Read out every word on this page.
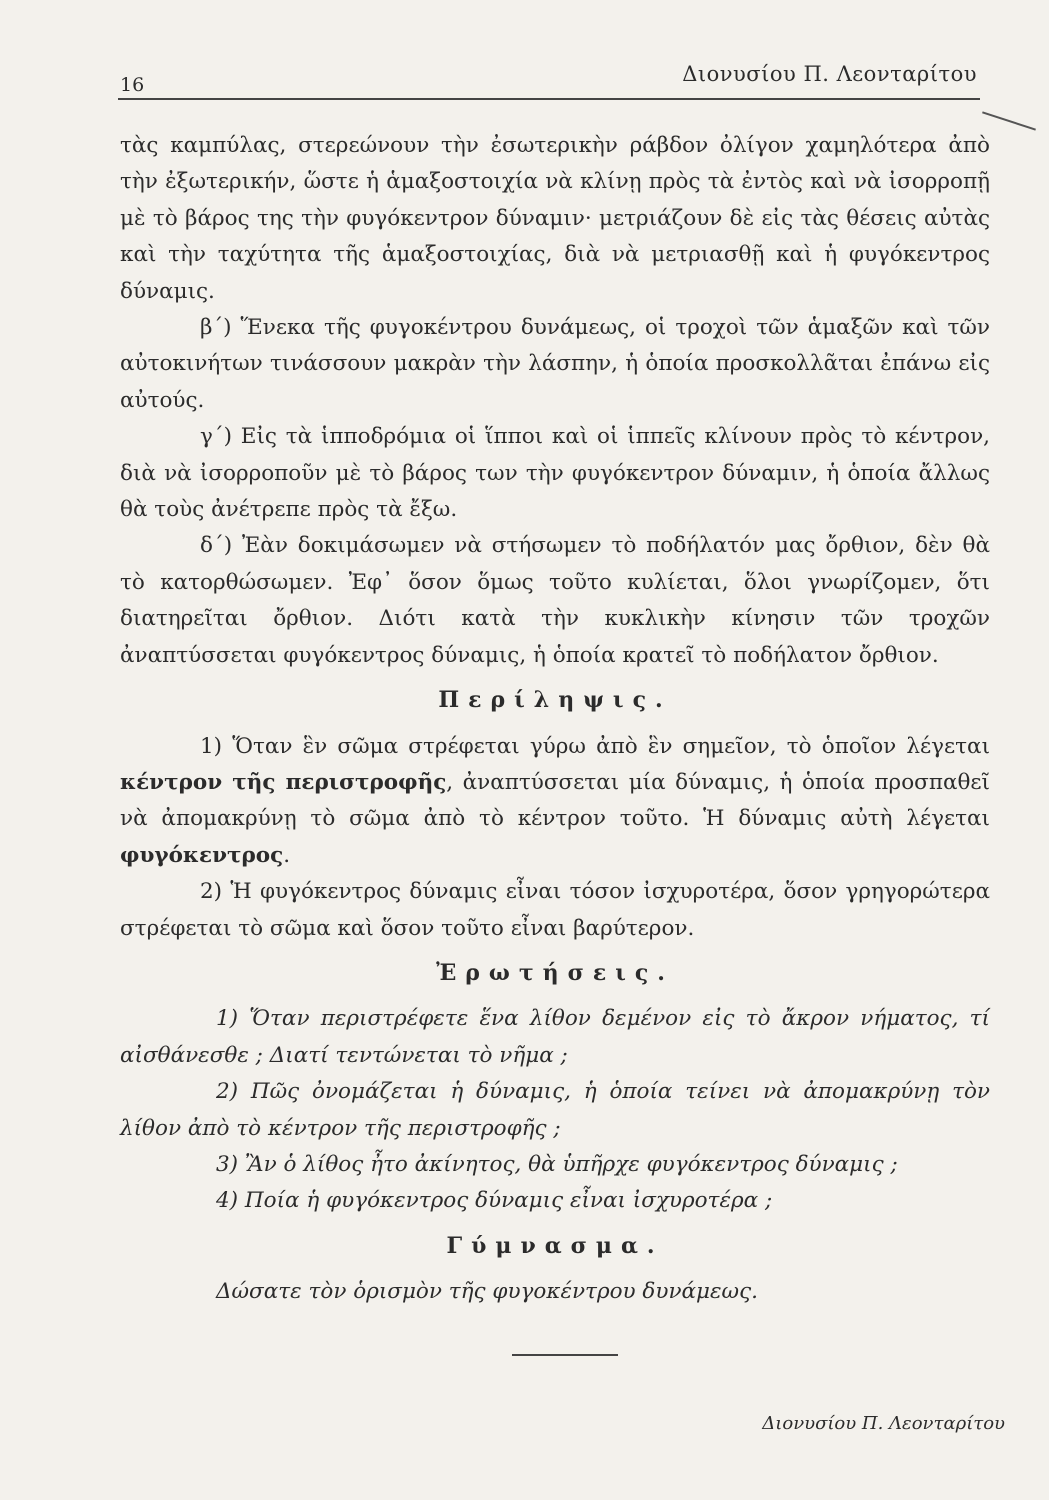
16	Διονυσίου Π. Λεονταρίτου

τὰς καμπύλας, στερεώνουν τὴν ἐσωτερικὴν ράβδον ὀλίγον χαμηλότερα ἀπὸ τὴν ἐξωτερικήν, ὥστε ἡ ἁμαξοστοιχία νὰ κλίνῃ πρὸς τὰ ἐντὸς καὶ νὰ ἰσορροπῇ μὲ τὸ βάρος της τὴν φυγόκεντρον δύναμιν· μετριάζουν δὲ εἰς τὰς θέσεις αὐτὰς καὶ τὴν ταχύτητα τῆς ἁμαξοστοιχίας, διὰ νὰ μετριασθῇ καὶ ἡ φυγόκεντρος δύναμις.

β΄) Ἕνεκα τῆς φυγοκέντρου δυνάμεως, οἱ τροχοὶ τῶν ἁμαξῶν καὶ τῶν αὐτοκινήτων τινάσσουν μακρὰν τὴν λάσπην, ἡ ὁποία προσκολλᾶται ἐπάνω εἰς αὐτούς.

γ΄) Εἰς τὰ ἱπποδρόμια οἱ ἵπποι καὶ οἱ ἱππεῖς κλίνουν πρὸς τὸ κέντρον, διὰ νὰ ἰσορροποῦν μὲ τὸ βάρος των τὴν φυγόκεντρον δύναμιν, ἡ ὁποία ἄλλως θὰ τοὺς ἀνέτρεπε πρὸς τὰ ἔξω.

δ΄) Ἐὰν δοκιμάσωμεν νὰ στήσωμεν τὸ ποδήλατόν μας ὄρθιον, δὲν θὰ τὸ κατορθώσωμεν. Ἐφ᾽ ὅσον ὅμως τοῦτο κυλίεται, ὅλοι γνωρίζομεν, ὅτι διατηρεῖται ὄρθιον. Διότι κατὰ τὴν κυκλικὴν κίνησιν τῶν τροχῶν ἀναπτύσσεται φυγόκεντρος δύναμις, ἡ ὁποία κρατεῖ τὸ ποδήλατον ὄρθιον.

Περίληψις.

1) Ὅταν ἓν σῶμα στρέφεται γύρω ἀπὸ ἓν σημεῖον, τὸ ὁποῖον λέγεται κέντρον τῆς περιστροφῆς, ἀναπτύσσεται μία δύναμις, ἡ ὁποία προσπαθεῖ νὰ ἀπομακρύνῃ τὸ σῶμα ἀπὸ τὸ κέντρον τοῦτο. Ἡ δύναμις αὐτὴ λέγεται φυγόκεντρος.

2) Ἡ φυγόκεντρος δύναμις εἶναι τόσον ἰσχυροτέρα, ὅσον γρηγορώτερα στρέφεται τὸ σῶμα καὶ ὅσον τοῦτο εἶναι βαρύτερον.

Ἐρωτήσεις.

1) Ὅταν περιστρέφετε ἕνα λίθον δεμένον εἰς τὸ ἄκρον νήματος, τί αἰσθάνεσθε ; Διατί τεντώνεται τὸ νῆμα ;

2) Πῶς ὀνομάζεται ἡ δύναμις, ἡ ὁποία τείνει νὰ ἀπομακρύνῃ τὸν λίθον ἀπὸ τὸ κέντρον τῆς περιστροφῆς ;

3) Ἂν ὁ λίθος ἦτο ἀκίνητος, θὰ ὑπῆρχε φυγόκεντρος δύναμις ;

4) Ποία ἡ φυγόκεντρος δύναμις εἶναι ἰσχυροτέρα ;

Γύμνασμα.

Δώσατε τὸν ὁρισμὸν τῆς φυγοκέντρου δυνάμεως.

Διονυσίου Π. Λεονταρίτου
